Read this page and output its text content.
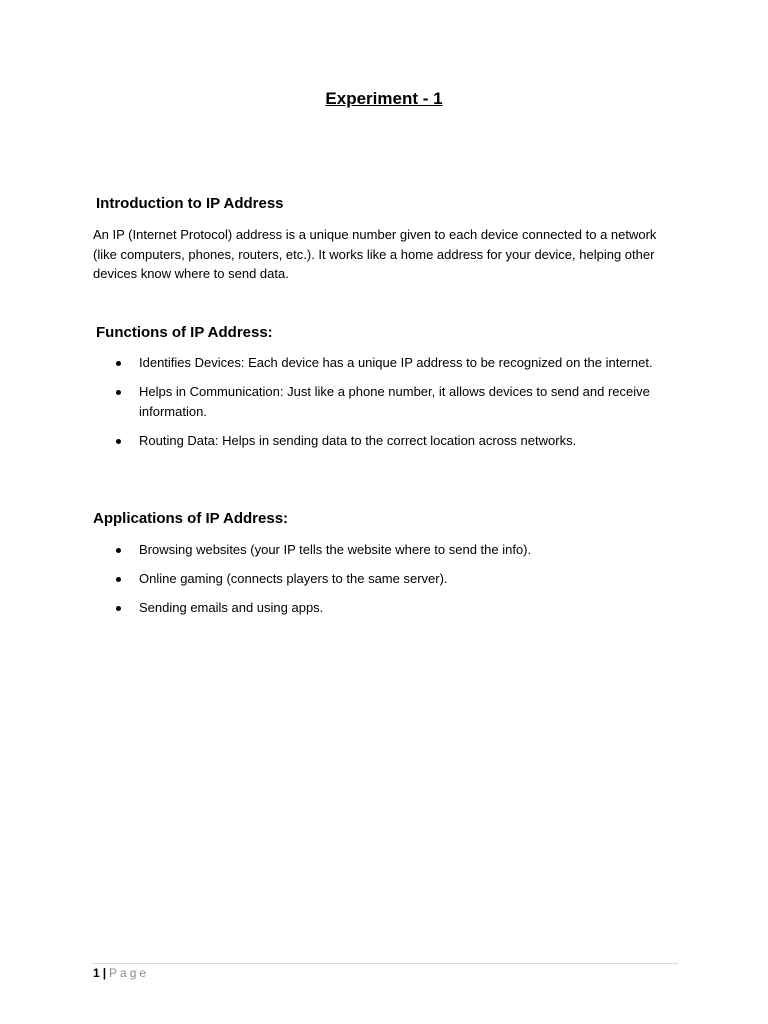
Experiment - 1
Introduction to IP Address

An IP (Internet Protocol) address is a unique number given to each device connected to a network (like computers, phones, routers, etc.). It works like a home address for your device, helping other devices know where to send data.

Functions of IP Address:
Identifies Devices: Each device has a unique IP address to be recognized on the internet.
Helps in Communication: Just like a phone number, it allows devices to send and receive information.
Routing Data: Helps in sending data to the correct location across networks.
Applications of IP Address:
Browsing websites (your IP tells the website where to send the info).
Online gaming (connects players to the same server).
Sending emails and using apps.
1 | Page
